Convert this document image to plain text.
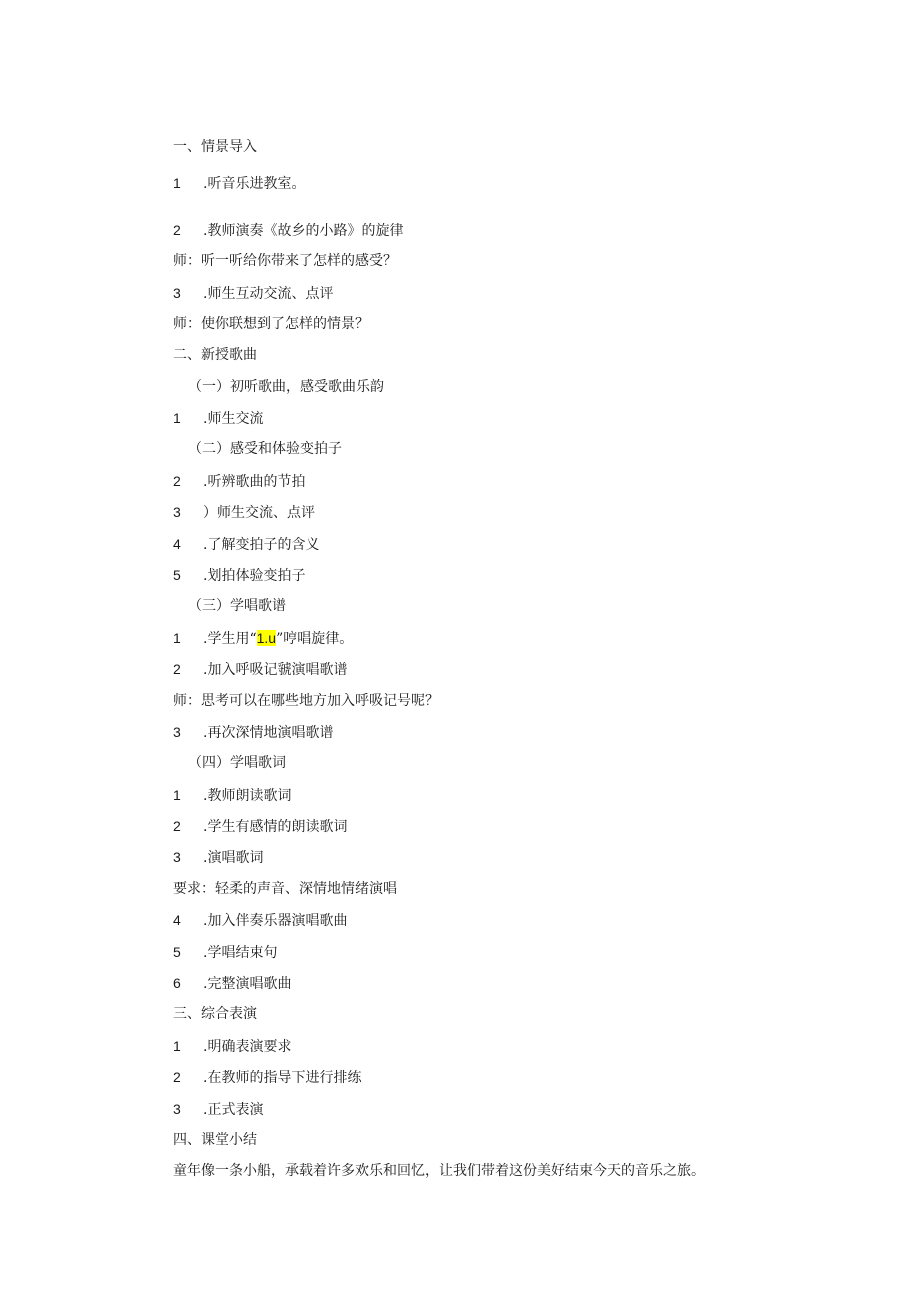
一、情景导入
1 .听音乐进教室。
2 .教师演奏《故乡的小路》的旋律
师：听一听给你带来了怎样的感受？
3 .师生互动交流、点评
师：使你联想到了怎样的情景？
二、新授歌曲
（一）初听歌曲，感受歌曲乐韵
1 .师生交流
（二）感受和体验变拍子
2 .听辨歌曲的节拍
3 ）师生交流、点评
4 .了解变拍子的含义
5 .划拍体验变拍子
（三）学唱歌谱
1 .学生用“1.u”哼唱旋律。
2 .加入呼吸记虢演唱歌谱
师：思考可以在哪些地方加入呼吸记号呢？
3 .再次深情地演唱歌谱
（四）学唱歌词
1 .教师朗读歌词
2 .学生有感情的朗读歌词
3 .演唱歌词
要求：轻柔的声音、深情地情绪演唱
4 .加入伴奏乐器演唱歌曲
5 .学唱结束句
6 .完整演唱歌曲
三、综合表演
1 .明确表演要求
2 .在教师的指导下进行排练
3 .正式表演
四、课堂小结
童年像一条小船，承载着许多欢乐和回忆，让我们带着这份美好结束今天的音乐之旅。
